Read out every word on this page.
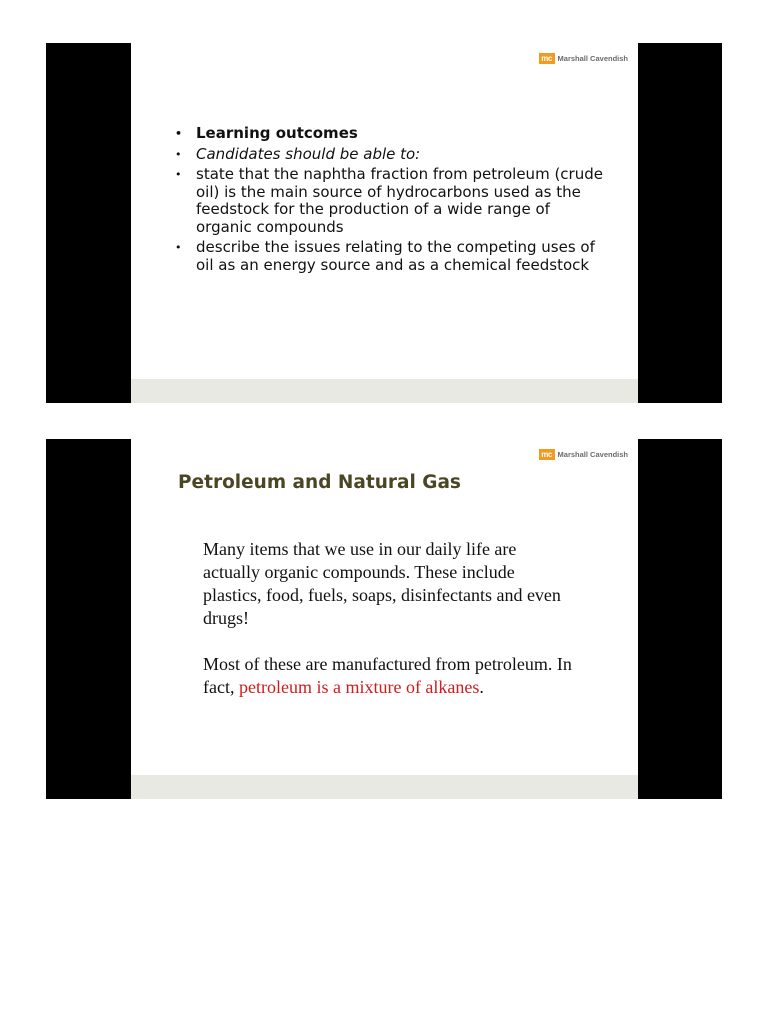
mc Marshall Cavendish
• Learning outcomes
• Candidates should be able to:
• state that the naphtha fraction from petroleum (crude oil) is the main source of hydrocarbons used as the feedstock for the production of a wide range of organic compounds
• describe the issues relating to the competing uses of oil as an energy source and as a chemical feedstock
mc Marshall Cavendish
Petroleum and Natural Gas

Many items that we use in our daily life are actually organic compounds. These include plastics, food, fuels, soaps, disinfectants and even drugs!

Most of these are manufactured from petroleum. In fact, petroleum is a mixture of alkanes.
